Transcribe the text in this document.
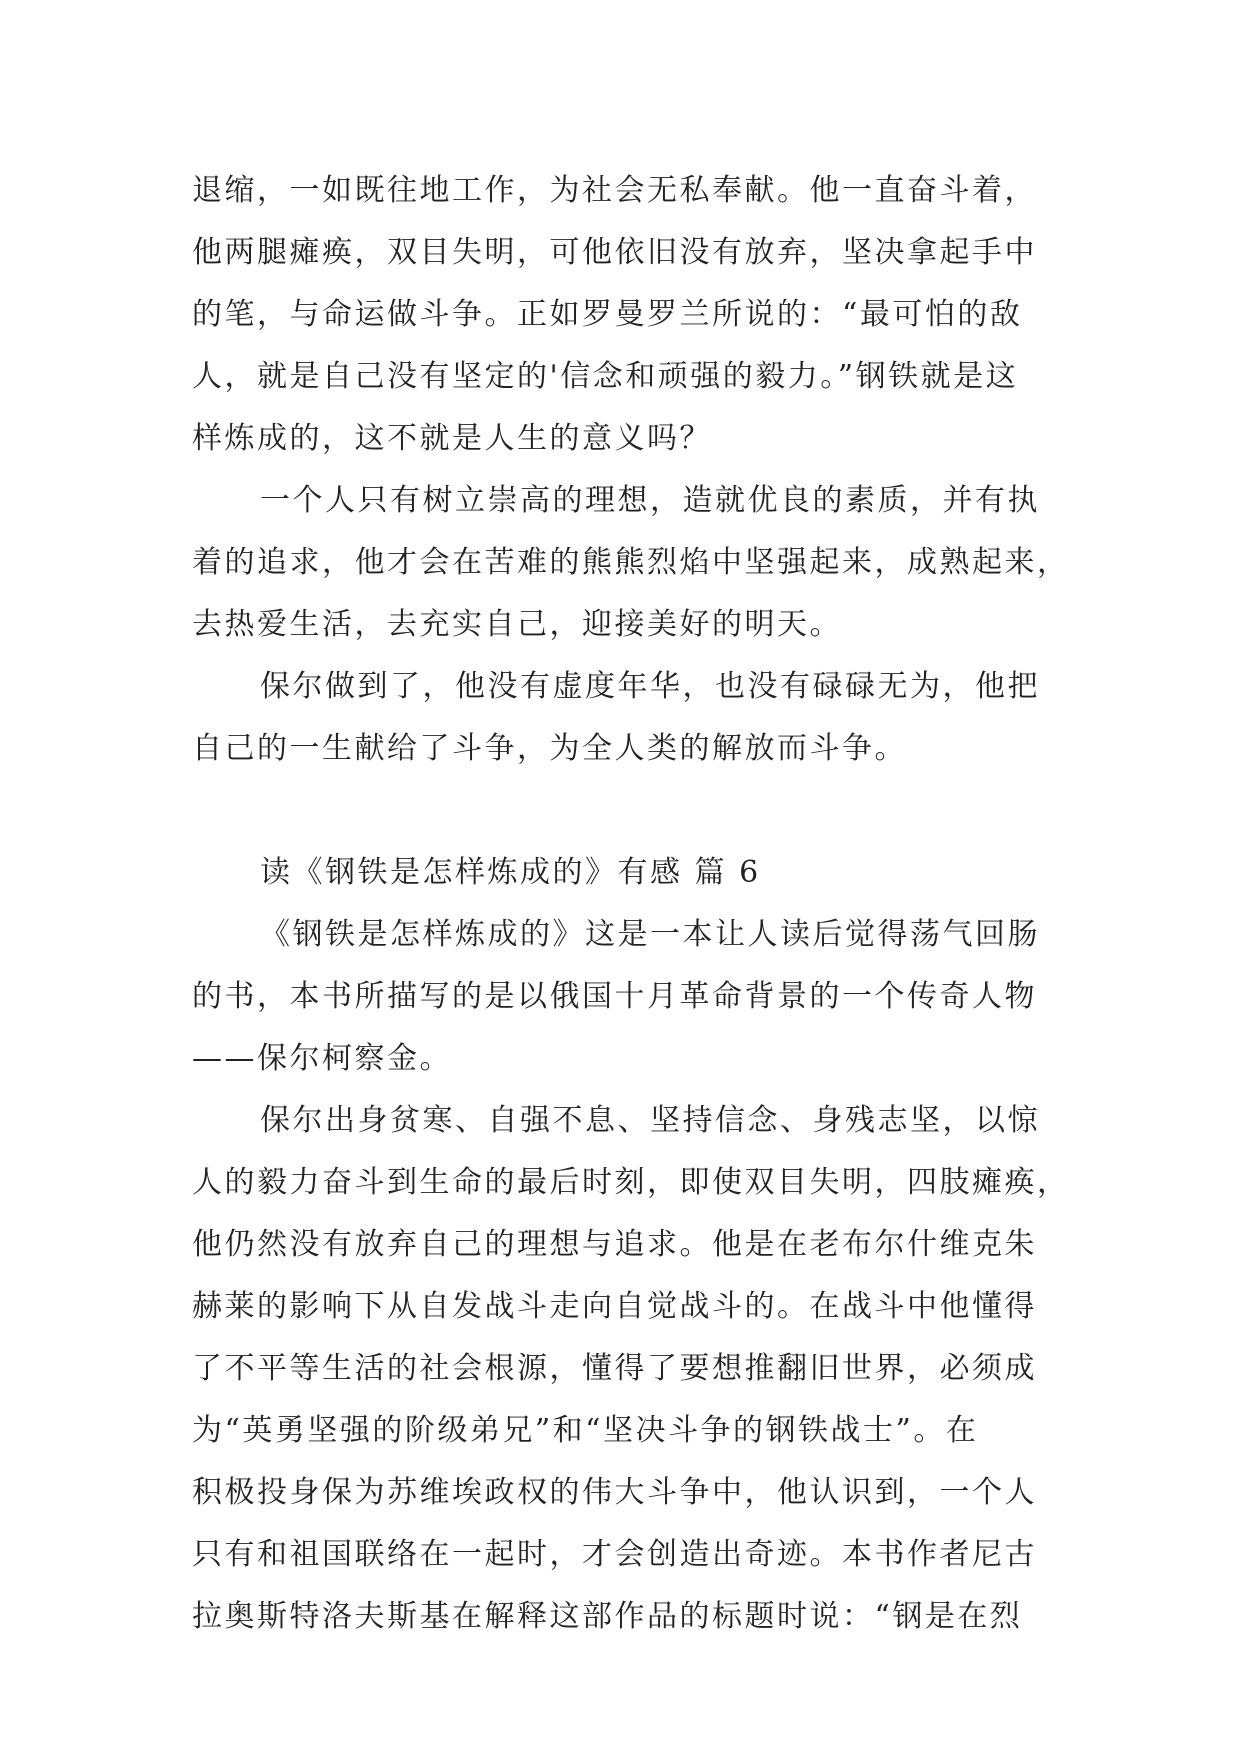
退缩，一如既往地工作，为社会无私奉献。他一直奋斗着，
他两腿瘫痪，双目失明，可他依旧没有放弃，坚决拿起手中
的笔，与命运做斗争。正如罗曼罗兰所说的：“最可怕的敌
人，就是自己没有坚定的'信念和顽强的毅力。”钢铁就是这
样炼成的，这不就是人生的意义吗？
一个人只有树立崇高的理想，造就优良的素质，并有执
着的追求，他才会在苦难的熊熊烈焰中坚强起来，成熟起来，
去热爱生活，去充实自己，迎接美好的明天。
保尔做到了，他没有虚度年华，也没有碌碌无为，他把
自己的一生献给了斗争，为全人类的解放而斗争。
读《钢铁是怎样炼成的》有感 篇 6
《钢铁是怎样炼成的》这是一本让人读后觉得荡气回肠
的书，本书所描写的是以俄国十月革命背景的一个传奇人物
——保尔柯察金。
保尔出身贫寒、自强不息、坚持信念、身残志坚，以惊
人的毅力奋斗到生命的最后时刻，即使双目失明，四肢瘫痪，
他仍然没有放弃自己的理想与追求。他是在老布尔什维克朱
赫莱的影响下从自发战斗走向自觉战斗的。在战斗中他懂得
了不平等生活的社会根源，懂得了要想推翻旧世界，必须成
为“英勇坚强的阶级弟兄”和“坚决斗争的钢铁战士”。在
积极投身保为苏维埃政权的伟大斗争中，他认识到，一个人
只有和祖国联络在一起时，才会创造出奇迹。本书作者尼古
拉奥斯特洛夫斯基在解释这部作品的标题时说：“钢是在烈
